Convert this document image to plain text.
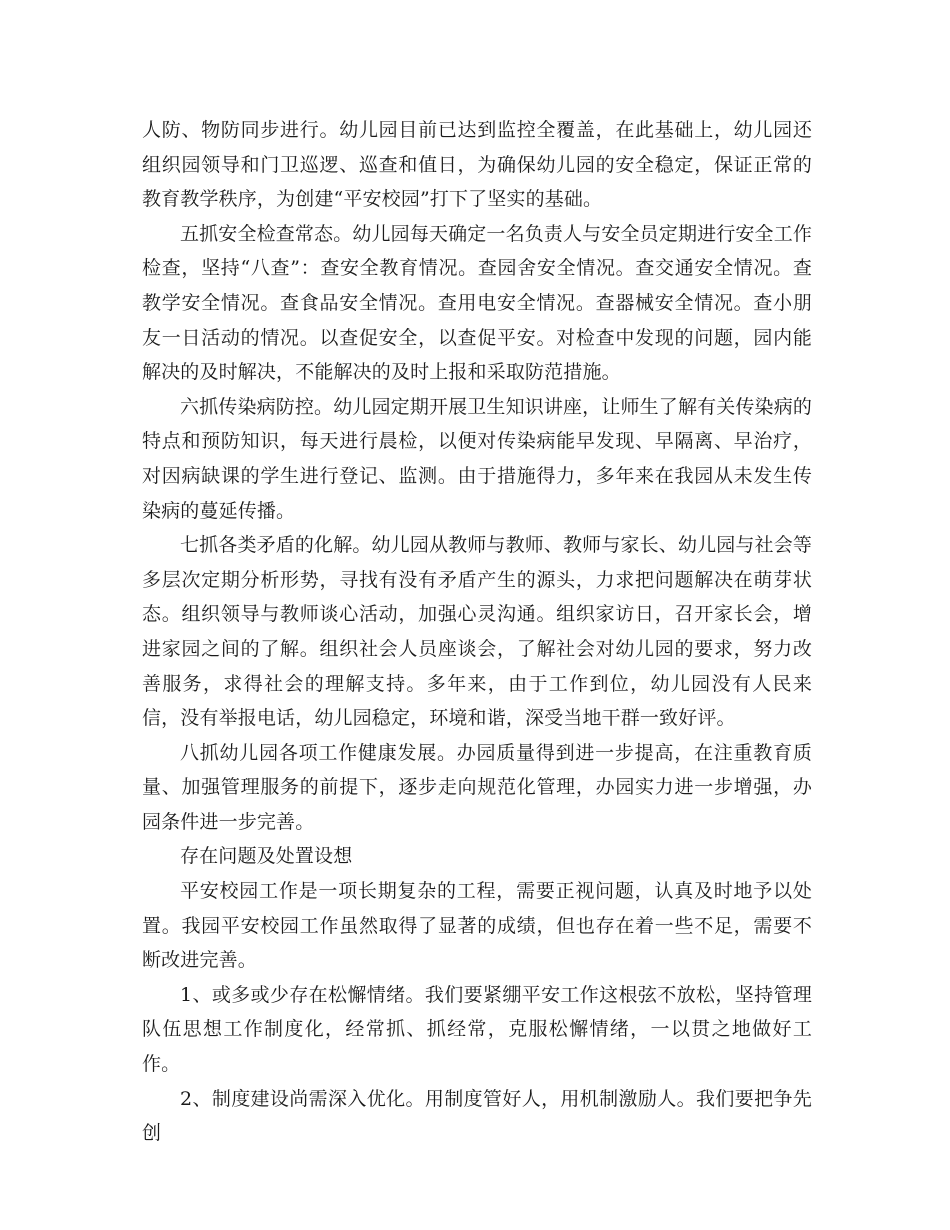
人防、物防同步进行。幼儿园目前已达到监控全覆盖，在此基础上，幼儿园还组织园领导和门卫巡逻、巡查和值日，为确保幼儿园的安全稳定，保证正常的教育教学秩序，为创建“平安校园”打下了坚实的基础。

五抓安全检查常态。幼儿园每天确定一名负责人与安全员定期进行安全工作检查，坚持“八查”：查安全教育情况。查园舍安全情况。查交通安全情况。查教学安全情况。查食品安全情况。查用电安全情况。查器械安全情况。查小朋友一日活动的情况。以查促安全，以查促平安。对检查中发现的问题，园内能解决的及时解决，不能解决的及时上报和采取防范措施。

六抓传染病防控。幼儿园定期开展卫生知识讲座，让师生了解有关传染病的特点和预防知识，每天进行晨检，以便对传染病能早发现、早隔离、早治疗，对因病缺课的学生进行登记、监测。由于措施得力，多年来在我园从未发生传染病的蔓延传播。

七抓各类矛盾的化解。幼儿园从教师与教师、教师与家长、幼儿园与社会等多层次定期分析形势，寻找有没有矛盾产生的源头，力求把问题解决在萌芽状态。组织领导与教师谈心活动，加强心灵沟通。组织家访日，召开家长会，增进家园之间的了解。组织社会人员座谈会，了解社会对幼儿园的要求，努力改善服务，求得社会的理解支持。多年来，由于工作到位，幼儿园没有人民来信，没有举报电话，幼儿园稳定，环境和谐，深受当地干群一致好评。

八抓幼儿园各项工作健康发展。办园质量得到进一步提高，在注重教育质量、加强管理服务的前提下，逐步走向规范化管理，办园实力进一步增强，办园条件进一步完善。

存在问题及处置设想

平安校园工作是一项长期复杂的工程，需要正视问题，认真及时地予以处置。我园平安校园工作虽然取得了显著的成绩，但也存在着一些不足，需要不断改进完善。

1、或多或少存在松懈情绪。我们要紧绷平安工作这根弦不放松，坚持管理队伍思想工作制度化，经常抓、抓经常，克服松懈情绪，一以贯之地做好工作。

2、制度建设尚需深入优化。用制度管好人，用机制激励人。我们要把争先创
